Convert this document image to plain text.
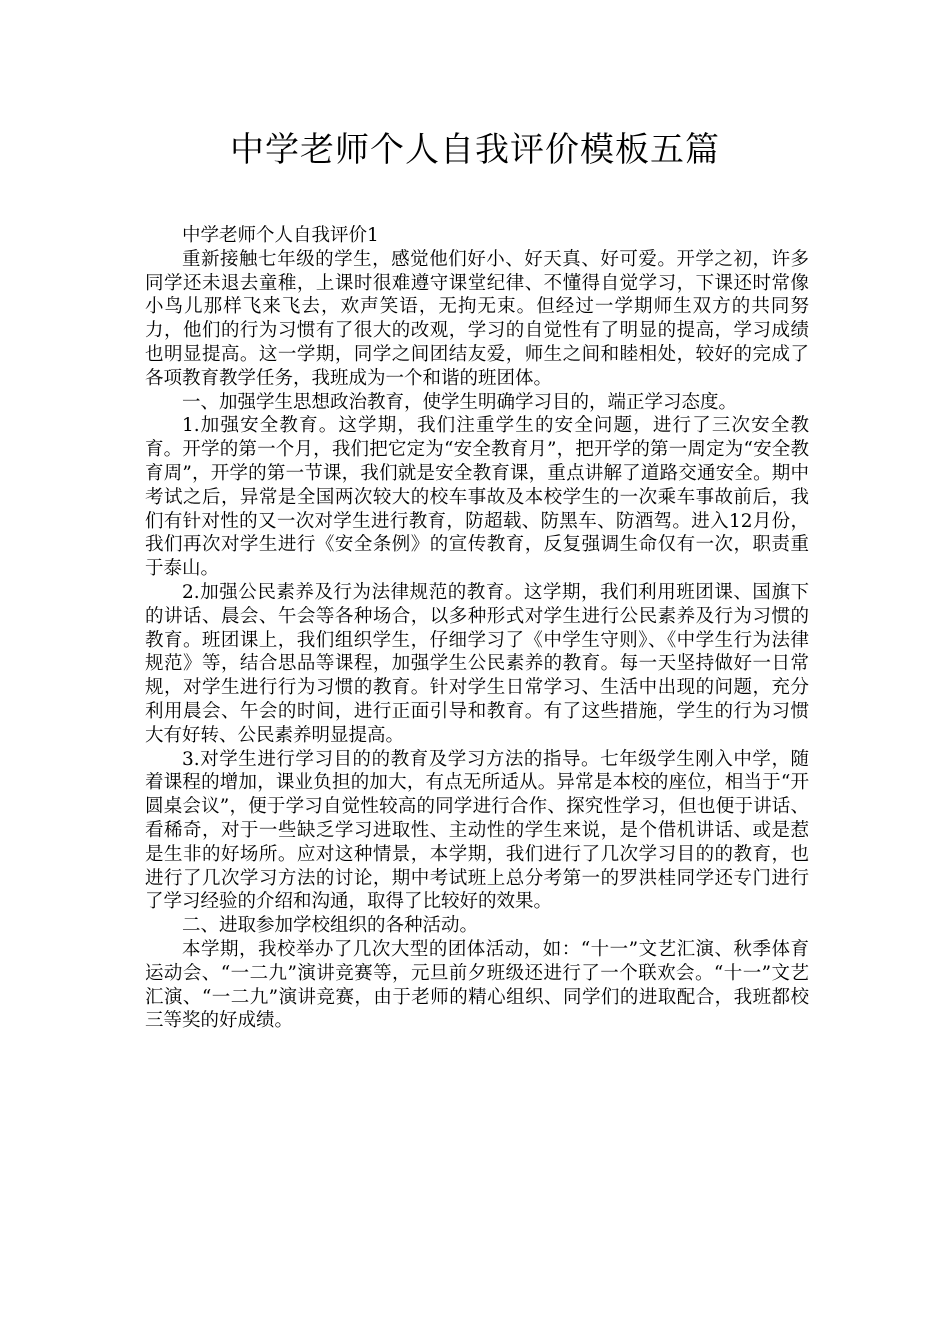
中学老师个人自我评价模板五篇

中学老师个人自我评价1

重新接触七年级的学生，感觉他们好小、好天真、好可爱。开学之初，许多同学还未退去童稚，上课时很难遵守课堂纪律、不懂得自觉学习，下课还时常像小鸟儿那样飞来飞去，欢声笑语，无拘无束。但经过一学期师生双方的共同努力，他们的行为习惯有了很大的改观，学习的自觉性有了明显的提高，学习成绩也明显提高。这一学期，同学之间团结友爱，师生之间和睦相处，较好的完成了各项教育教学任务，我班成为一个和谐的班团体。

一、加强学生思想政治教育，使学生明确学习目的，端正学习态度。

1.加强安全教育。这学期，我们注重学生的安全问题，进行了三次安全教育。开学的第一个月，我们把它定为“安全教育月”，把开学的第一周定为“安全教育周”，开学的第一节课，我们就是安全教育课，重点讲解了道路交通安全。期中考试之后，异常是全国两次较大的校车事故及本校学生的一次乘车事故前后，我们有针对性的又一次对学生进行教育，防超载、防黑车、防酒驾。进入12月份，我们再次对学生进行《安全条例》的宣传教育，反复强调生命仅有一次，职责重于泰山。

2.加强公民素养及行为法律规范的教育。这学期，我们利用班团课、国旗下的讲话、晨会、午会等各种场合，以多种形式对学生进行公民素养及行为习惯的教育。班团课上，我们组织学生，仔细学习了《中学生守则》、《中学生行为法律规范》等，结合思品等课程，加强学生公民素养的教育。每一天坚持做好一日常规，对学生进行行为习惯的教育。针对学生日常学习、生活中出现的问题，充分利用晨会、午会的时间，进行正面引导和教育。有了这些措施，学生的行为习惯大有好转、公民素养明显提高。

3.对学生进行学习目的的教育及学习方法的指导。七年级学生刚入中学，随着课程的增加，课业负担的加大，有点无所适从。异常是本校的座位，相当于“开圆桌会议”，便于学习自觉性较高的同学进行合作、探究性学习，但也便于讲话、看稀奇，对于一些缺乏学习进取性、主动性的学生来说，是个借机讲话、或是惹是生非的好场所。应对这种情景，本学期，我们进行了几次学习目的的教育，也进行了几次学习方法的讨论，期中考试班上总分考第一的罗洪桂同学还专门进行了学习经验的介绍和沟通，取得了比较好的效果。

二、进取参加学校组织的各种活动。

本学期，我校举办了几次大型的团体活动，如：“十一”文艺汇演、秋季体育运动会、“一二九”演讲竞赛等，元旦前夕班级还进行了一个联欢会。“十一”文艺汇演、“一二九”演讲竞赛，由于老师的精心组织、同学们的进取配合，我班都校三等奖的好成绩。
